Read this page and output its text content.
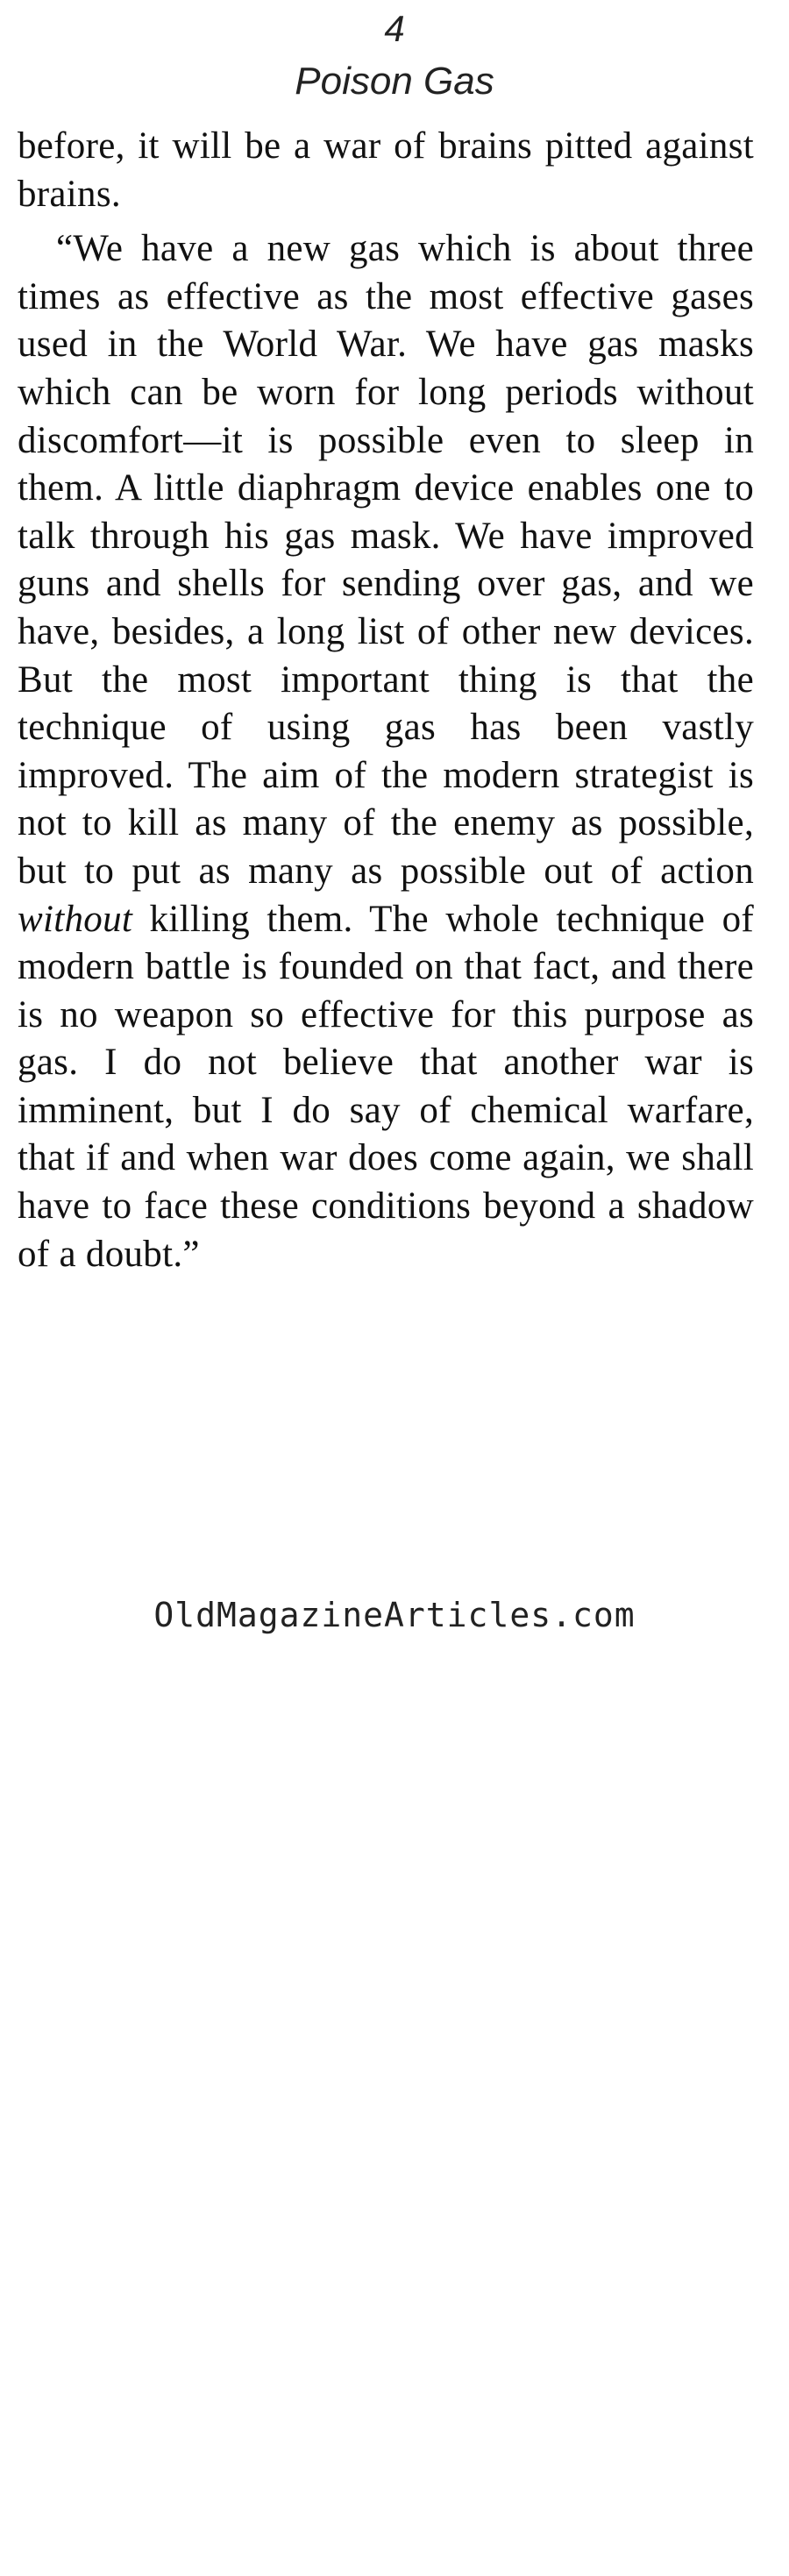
4
Poison Gas

before, it will be a war of brains pitted against brains.

“We have a new gas which is about three times as effective as the most effective gases used in the World War. We have gas masks which can be worn for long periods without discomfort—it is possible even to sleep in them. A little diaphragm device enables one to talk through his gas mask. We have improved guns and shells for sending over gas, and we have, besides, a long list of other new devices. But the most important thing is that the technique of using gas has been vastly improved. The aim of the modern strategist is not to kill as many of the enemy as possible, but to put as many as possible out of action without killing them. The whole technique of modern battle is founded on that fact, and there is no weapon so effective for this purpose as gas. I do not believe that another war is imminent, but I do say of chemical warfare, that if and when war does come again, we shall have to face these conditions beyond a shadow of a doubt.”

OldMagazineArticles.com
